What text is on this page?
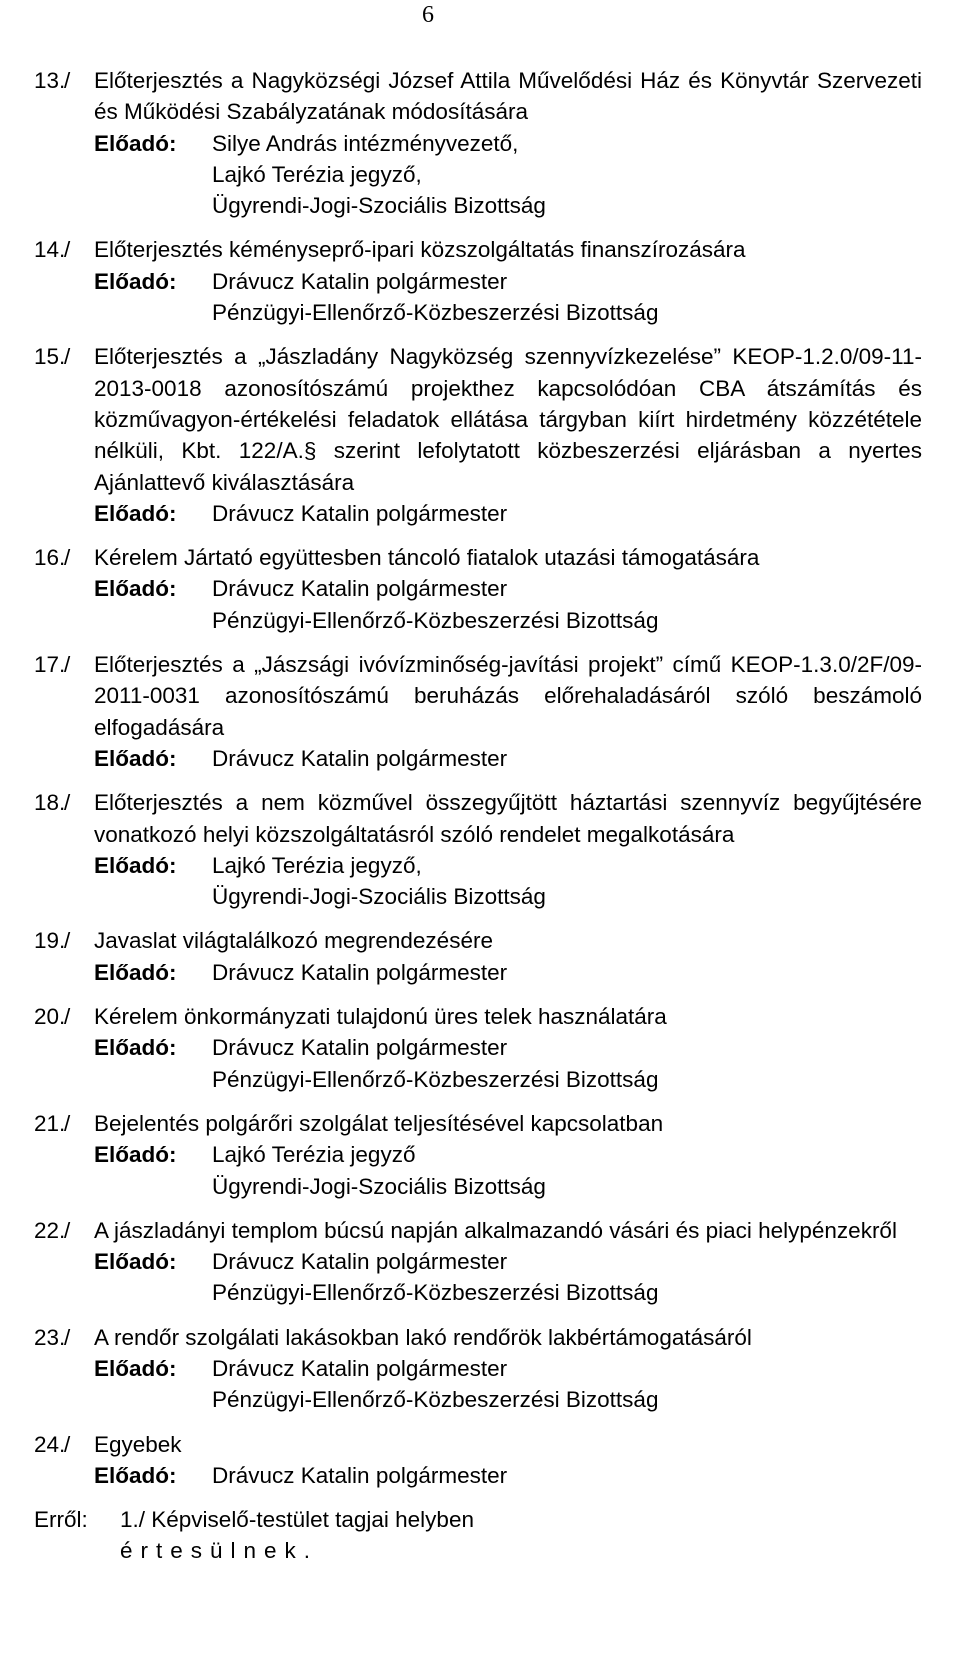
6
13.
/	Előterjesztés a Nagyközségi József Attila Művelődési Ház és Könyvtár Szervezeti és Működési Szabályzatának módosítására
Előadó:	Silye András intézményvezető,
Lajkó Terézia jegyző,
Ügyrendi-Jogi-Szociális Bizottság
14.
/	Előterjesztés kéményseprő-ipari közszolgáltatás finanszírozására
Előadó:	Drávucz Katalin polgármester
Pénzügyi-Ellenőrző-Közbeszerzési Bizottság
15.
/	Előterjesztés a „Jászladány Nagyközség szennyvízkezelése” KEOP-1.2.0/09-11-2013-0018 azonosítószámú projekthez kapcsolódóan CBA átszámítás és közművagyon-értékelési feladatok ellátása tárgyban kiírt hirdetmény közzététele nélküli, Kbt. 122/A.§ szerint lefolytatott közbeszerzési eljárásban a nyertes Ajánlattevő kiválasztására
Előadó:	Drávucz Katalin polgármester
16.
/	Kérelem Jártató együttesben táncoló fiatalok utazási támogatására
Előadó:	Drávucz Katalin polgármester
Pénzügyi-Ellenőrző-Közbeszerzési Bizottság
17.
/	Előterjesztés a „Jászsági ivóvízminőség-javítási projekt” című KEOP-1.3.0/2F/09-2011-0031 azonosítószámú beruházás előrehaladásáról szóló beszámoló elfogadására
Előadó:	Drávucz Katalin polgármester
18.
/	Előterjesztés a nem közművel összegyűjtött háztartási szennyvíz begyűjtésére vonatkozó helyi közszolgáltatásról szóló rendelet megalkotására
Előadó:	Lajkó Terézia jegyző,
Ügyrendi-Jogi-Szociális Bizottság
19.
/	Javaslat világtalálkozó megrendezésére
Előadó:	Drávucz Katalin polgármester
20.
/	Kérelem önkormányzati tulajdonú üres telek használatára
Előadó:	Drávucz Katalin polgármester
Pénzügyi-Ellenőrző-Közbeszerzési Bizottság
21.
/	Bejelentés polgárőri szolgálat teljesítésével kapcsolatban
Előadó:	Lajkó Terézia jegyző
Ügyrendi-Jogi-Szociális Bizottság
22.
/	A jászladányi templom búcsú napján alkalmazandó vásári és piaci helypénzekről
Előadó:	Drávucz Katalin polgármester
Pénzügyi-Ellenőrző-Közbeszerzési Bizottság
23.
/	A rendőr szolgálati lakásokban lakó rendőrök lakbértámogatásáról
Előadó:	Drávucz Katalin polgármester
Pénzügyi-Ellenőrző-Közbeszerzési Bizottság
24.
/	Egyebek
Előadó:	Drávucz Katalin polgármester
Erről: 1./ Képviselő-testület tagjai helyben
értesülnek.
